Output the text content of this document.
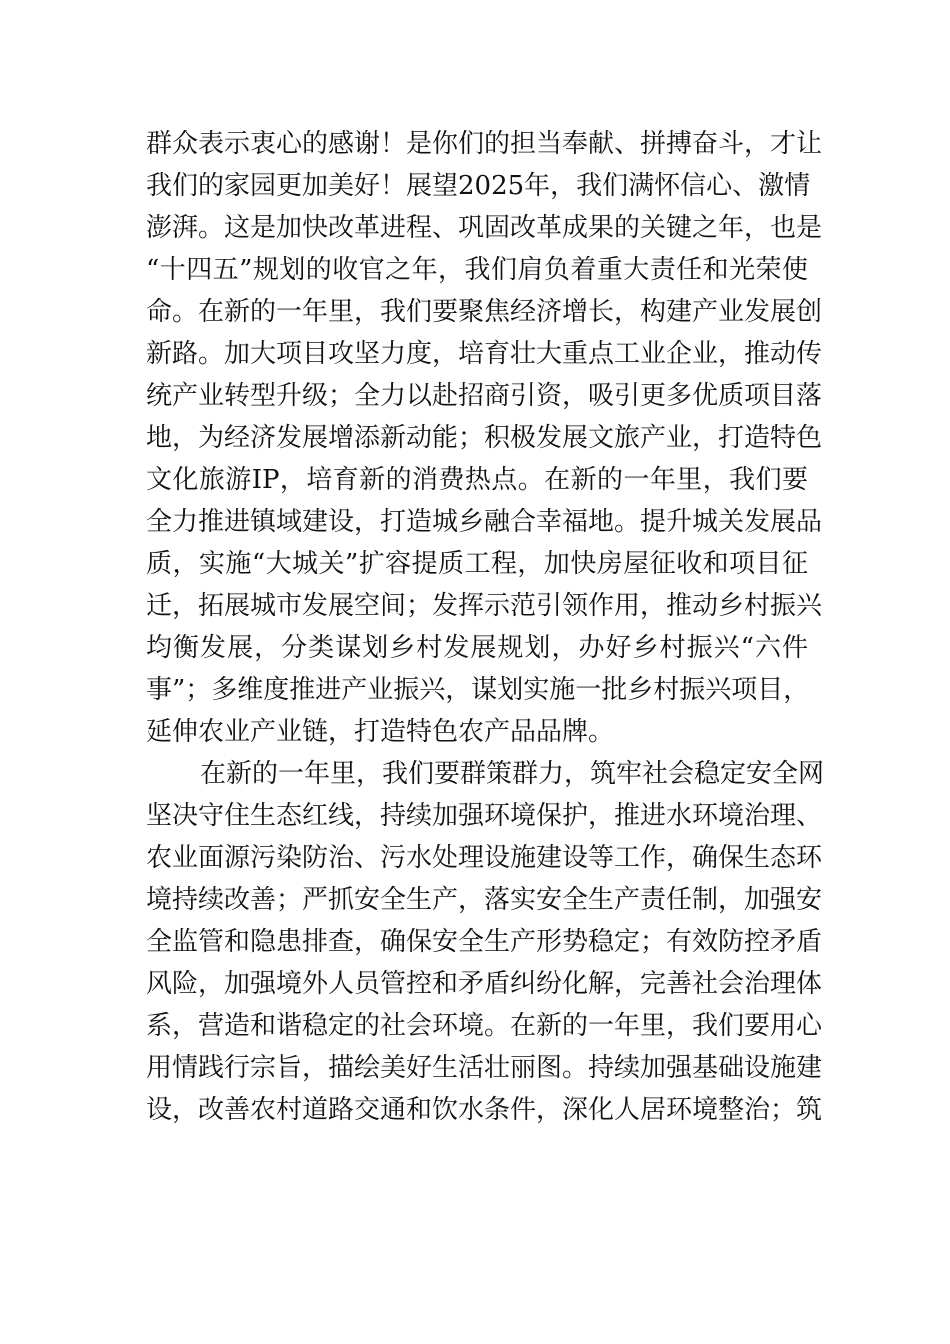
群众表示衷心的感谢！是你们的担当奉献、拼搏奋斗，才让
我们的家园更加美好！展望2025年，我们满怀信心、激情
澎湃。这是加快改革进程、巩固改革成果的关键之年，也是
“十四五”规划的收官之年，我们肩负着重大责任和光荣使
命。在新的一年里，我们要聚焦经济增长，构建产业发展创
新路。加大项目攻坚力度，培育壮大重点工业企业，推动传
统产业转型升级；全力以赴招商引资，吸引更多优质项目落
地，为经济发展增添新动能；积极发展文旅产业，打造特色
文化旅游IP，培育新的消费热点。在新的一年里，我们要
全力推进镇域建设，打造城乡融合幸福地。提升城关发展品
质，实施“大城关”扩容提质工程，加快房屋征收和项目征
迁，拓展城市发展空间；发挥示范引领作用，推动乡村振兴
均衡发展，分类谋划乡村发展规划，办好乡村振兴“六件
事”；多维度推进产业振兴，谋划实施一批乡村振兴项目，
延伸农业产业链，打造特色农产品品牌。
在新的一年里，我们要群策群力，筑牢社会稳定安全网
坚决守住生态红线，持续加强环境保护，推进水环境治理、
农业面源污染防治、污水处理设施建设等工作，确保生态环
境持续改善；严抓安全生产，落实安全生产责任制，加强安
全监管和隐患排查，确保安全生产形势稳定；有效防控矛盾
风险，加强境外人员管控和矛盾纠纷化解，完善社会治理体
系，营造和谐稳定的社会环境。在新的一年里，我们要用心
用情践行宗旨，描绘美好生活壮丽图。持续加强基础设施建
设，改善农村道路交通和饮水条件，深化人居环境整治；筑
